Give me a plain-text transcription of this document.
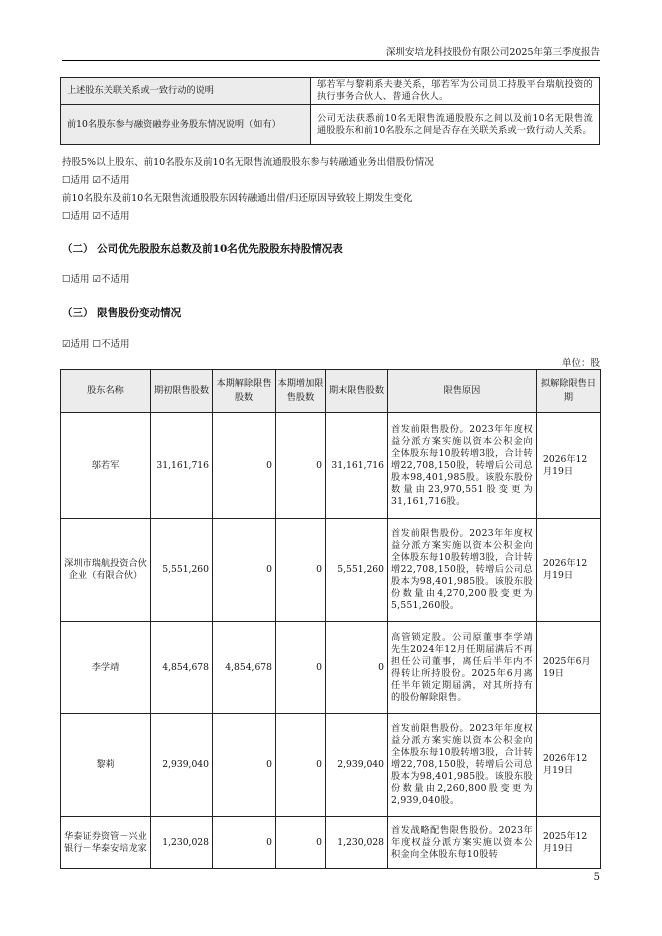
深圳安培龙科技股份有限公司2025年第三季度报告
上述股东关联关系或一致行动的说明	邬若军与黎莉系夫妻关系，邬若军为公司员工持股平台瑞航投资的执行事务合伙人、普通合伙人。
前10名股东参与融资融券业务股东情况说明（如有）	公司无法获悉前10名无限售流通股股东之间以及前10名无限售流通股股东和前10名股东之间是否存在关联关系或一致行动人关系。
持股5%以上股东、前10名股东及前10名无限售流通股股东参与转融通业务出借股份情况
☐适用 ☑不适用
前10名股东及前10名无限售流通股股东因转融通出借/归还原因导致较上期发生变化
☐适用 ☑不适用
（二） 公司优先股股东总数及前10名优先股股东持股情况表
☐适用 ☑不适用
（三） 限售股份变动情况
☑适用 ☐不适用
单位：股
股东名称	期初限售股数	本期解除限售股数	本期增加限售股数	期末限售股数	限售原因	拟解除限售日期
邬若军	31,161,716	0	0	31,161,716	首发前限售股份。2023年年度权益分派方案实施以资本公积金向全体股东每10股转增3股，合计转增22,708,150股，转增后公司总股本98,401,985股。该股东股份数量由23,970,551股变更为31,161,716股。	2026年12月19日
深圳市瑞航投资合伙企业（有限合伙）	5,551,260	0	0	5,551,260	首发前限售股份。2023年年度权益分派方案实施以资本公积金向全体股东每10股转增3股，合计转增22,708,150股，转增后公司总股本为98,401,985股。该股东股份数量由4,270,200股变更为5,551,260股。	2026年12月19日
李学靖	4,854,678	4,854,678	0	0	高管锁定股。公司原董事李学靖先生2024年12月任期届满后不再担任公司董事，离任后半年内不得转让所持股份。2025年6月离任半年锁定期届满，对其所持有的股份解除限售。	2025年6月19日
黎莉	2,939,040	0	0	2,939,040	首发前限售股份。2023年年度权益分派方案实施以资本公积金向全体股东每10股转增3股，合计转增22,708,150股，转增后公司总股本为98,401,985股。该股东股份数量由2,260,800股变更为2,939,040股。	2026年12月19日
华泰证券资管－兴业银行－华泰安培龙家	1,230,028	0	0	1,230,028	首发战略配售限售股份。2023年年度权益分派方案实施以资本公积金向全体股东每10股转	2025年12月19日
5
